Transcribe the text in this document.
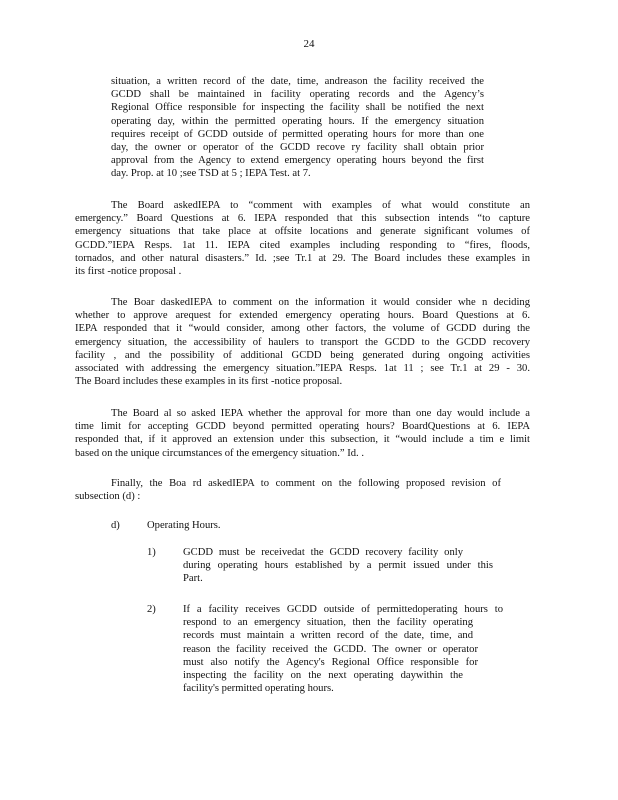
24
situation, a written record of the date, time, andreason the facility received the
GCDD shall be maintained in facility operating records and the Agency’s
Regional Office responsible for inspecting the facility shall be notified the next
operating day, within the permitted operating hours. If the emergency situation
requires receipt of GCDD outside of permitted operating hours for more than one
day, the owner or operator of the GCDD recove ry facility shall obtain prior
approval from the Agency to extend emergency operating hours beyond the first
day. Prop. at 10 ;see TSD at 5 ; IEPA Test. at 7.
The Board askedIEPA to “comment with examples of what would constitute an
emergency.” Board Questions at 6. IEPA responded that this subsection intends “to capture
emergency situations that take place at offsite locations and generate significant volumes of
GCDD.”IEPA Resps. 1at 11. IEPA cited examples including responding to “fires, floods,
tornados, and other natural disasters.” Id. ;see Tr.1 at 29. The Board includes these examples in
its first -notice proposal .
The Boar daskedIEPA to comment on the information it would consider whe n deciding
whether to approve arequest for extended emergency operating hours. Board Questions at 6.
IEPA responded that it “would consider, among other factors, the volume of GCDD during the
emergency situation, the accessibility of haulers to transport the GCDD to the GCDD recovery
facility , and the possibility of additional GCDD being generated during ongoing activities
associated with addressing the emergency situation.”IEPA Resps. 1at 11 ; see Tr.1 at 29 - 30.
The Board includes these examples in its first -notice proposal.
The Board al so asked IEPA whether the approval for more than one day would include a
time limit for accepting GCDD beyond permitted operating hours? BoardQuestions at 6. IEPA
responded that, if it approved an extension under this subsection, it “would include a tim e limit
based on the unique circumstances of the emergency situation.” Id. .
Finally, the Boa rd askedIEPA to comment on the following proposed revision of
subsection (d) :
d)	Operating Hours.
1)	GCDD must be receivedat the GCDD recovery facility only
during operating hours established by a permit issued under this
Part.
2)	If a facility receives GCDD outside of permittedoperating hours to
respond to an emergency situation, then the facility operating
records must maintain a written record of the date, time, and
reason the facility received the GCDD. The owner or operator
must also notify the Agency's Regional Office responsible for
inspecting the facility on the next operating daywithin the
facility's permitted operating hours.
